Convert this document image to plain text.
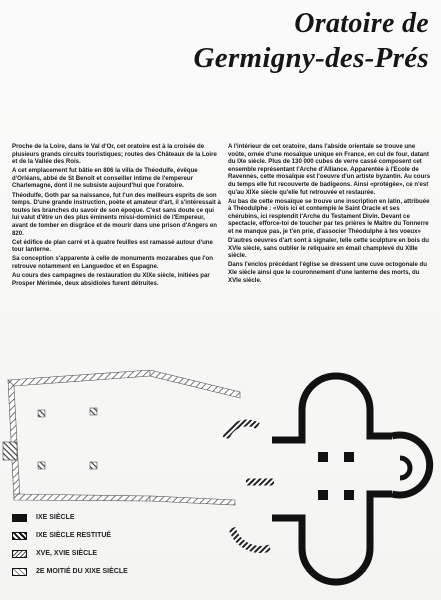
Oratoire de
Germigny-des-Prés

Proche de la Loire, dans le Val d'Or, cet oratoire est à la croisée de plusieurs grands circuits touristiques; routes des Châteaux de la Loire et de la Vallée des Rois.

A cet emplacement fut bâtie en 806 la villa de Théodulfe, évêque d'Orléans, abbé de St Benoît et conseiller intime de l'empereur Charlemagne, dont il ne subsiste aujourd'hui que l'oratoire.

Théodulfe, Goth par sa naissance, fut l'un des meilleurs esprits de son temps. D'une grande instruction, poète et amateur d'art, il s'intéressait à toutes les branches du savoir de son époque. C'est sans doute ce qui lui valut d'être un des plus éminents missi-dominici de l'Empereur, avant de tomber en disgrâce et de mourir dans une prison d'Angers en 820.

Cet édifice de plan carré et à quatre feuilles est ramassé autour d'une tour lanterne.

Sa conception s'apparente à celle de monuments mozarabes que l'on retrouve notamment en Languedoc et en Espagne.

Au cours des campagnes de restauration du XIXe siècle, initiées par Prosper Mérimée, deux absidioles furent détruites.

A l'intérieur de cet oratoire, dans l'abside orientale se trouve une voûte, ornée d'une mosaïque unique en France, en cul de four, datant du IXe siècle. Plus de 130 000 cubes de verre cassé composent cet ensemble représentant l'Arche d'Alliance. Apparentée à l'Ecole de Ravennes, cette mosaïque est l'oeuvre d'un artiste byzantin. Au cours du temps elle fut recouverte de badigeons. Ainsi «protégée», ce n'est qu'au XIXe siècle qu'elle fut retrouvée et restaurée.

Au bas de cette mosaïque se trouve une inscription en latin, attribuée à Théodulphe : «Vois ici et contemple le Saint Oracle et ses chérubins, ici resplendit l'Arche du Testament Divin. Devant ce spectacle, efforce-toi de toucher par tes prières le Maître du Tonnerre et ne manque pas, je t'en prie, d'associer Théodulphe à tes voeux»

D'autres oeuvres d'art sont à signaler, telle cette sculpture en bois du XVIe siècle, sans oublier le reliquaire en émail champlevé du XIIIe siècle.

Dans l'enclos précédant l'église se dressent une cuve octogonale du XIe siècle ainsi que le couronnement d'une lanterne des morts, du XVIe siècle.

IXE SIÈCLE
IXE SIÈCLE RESTITUÉ
XVE, XVIE SIÈCLE
2E MOITIÉ DU XIXE SIÈCLE
